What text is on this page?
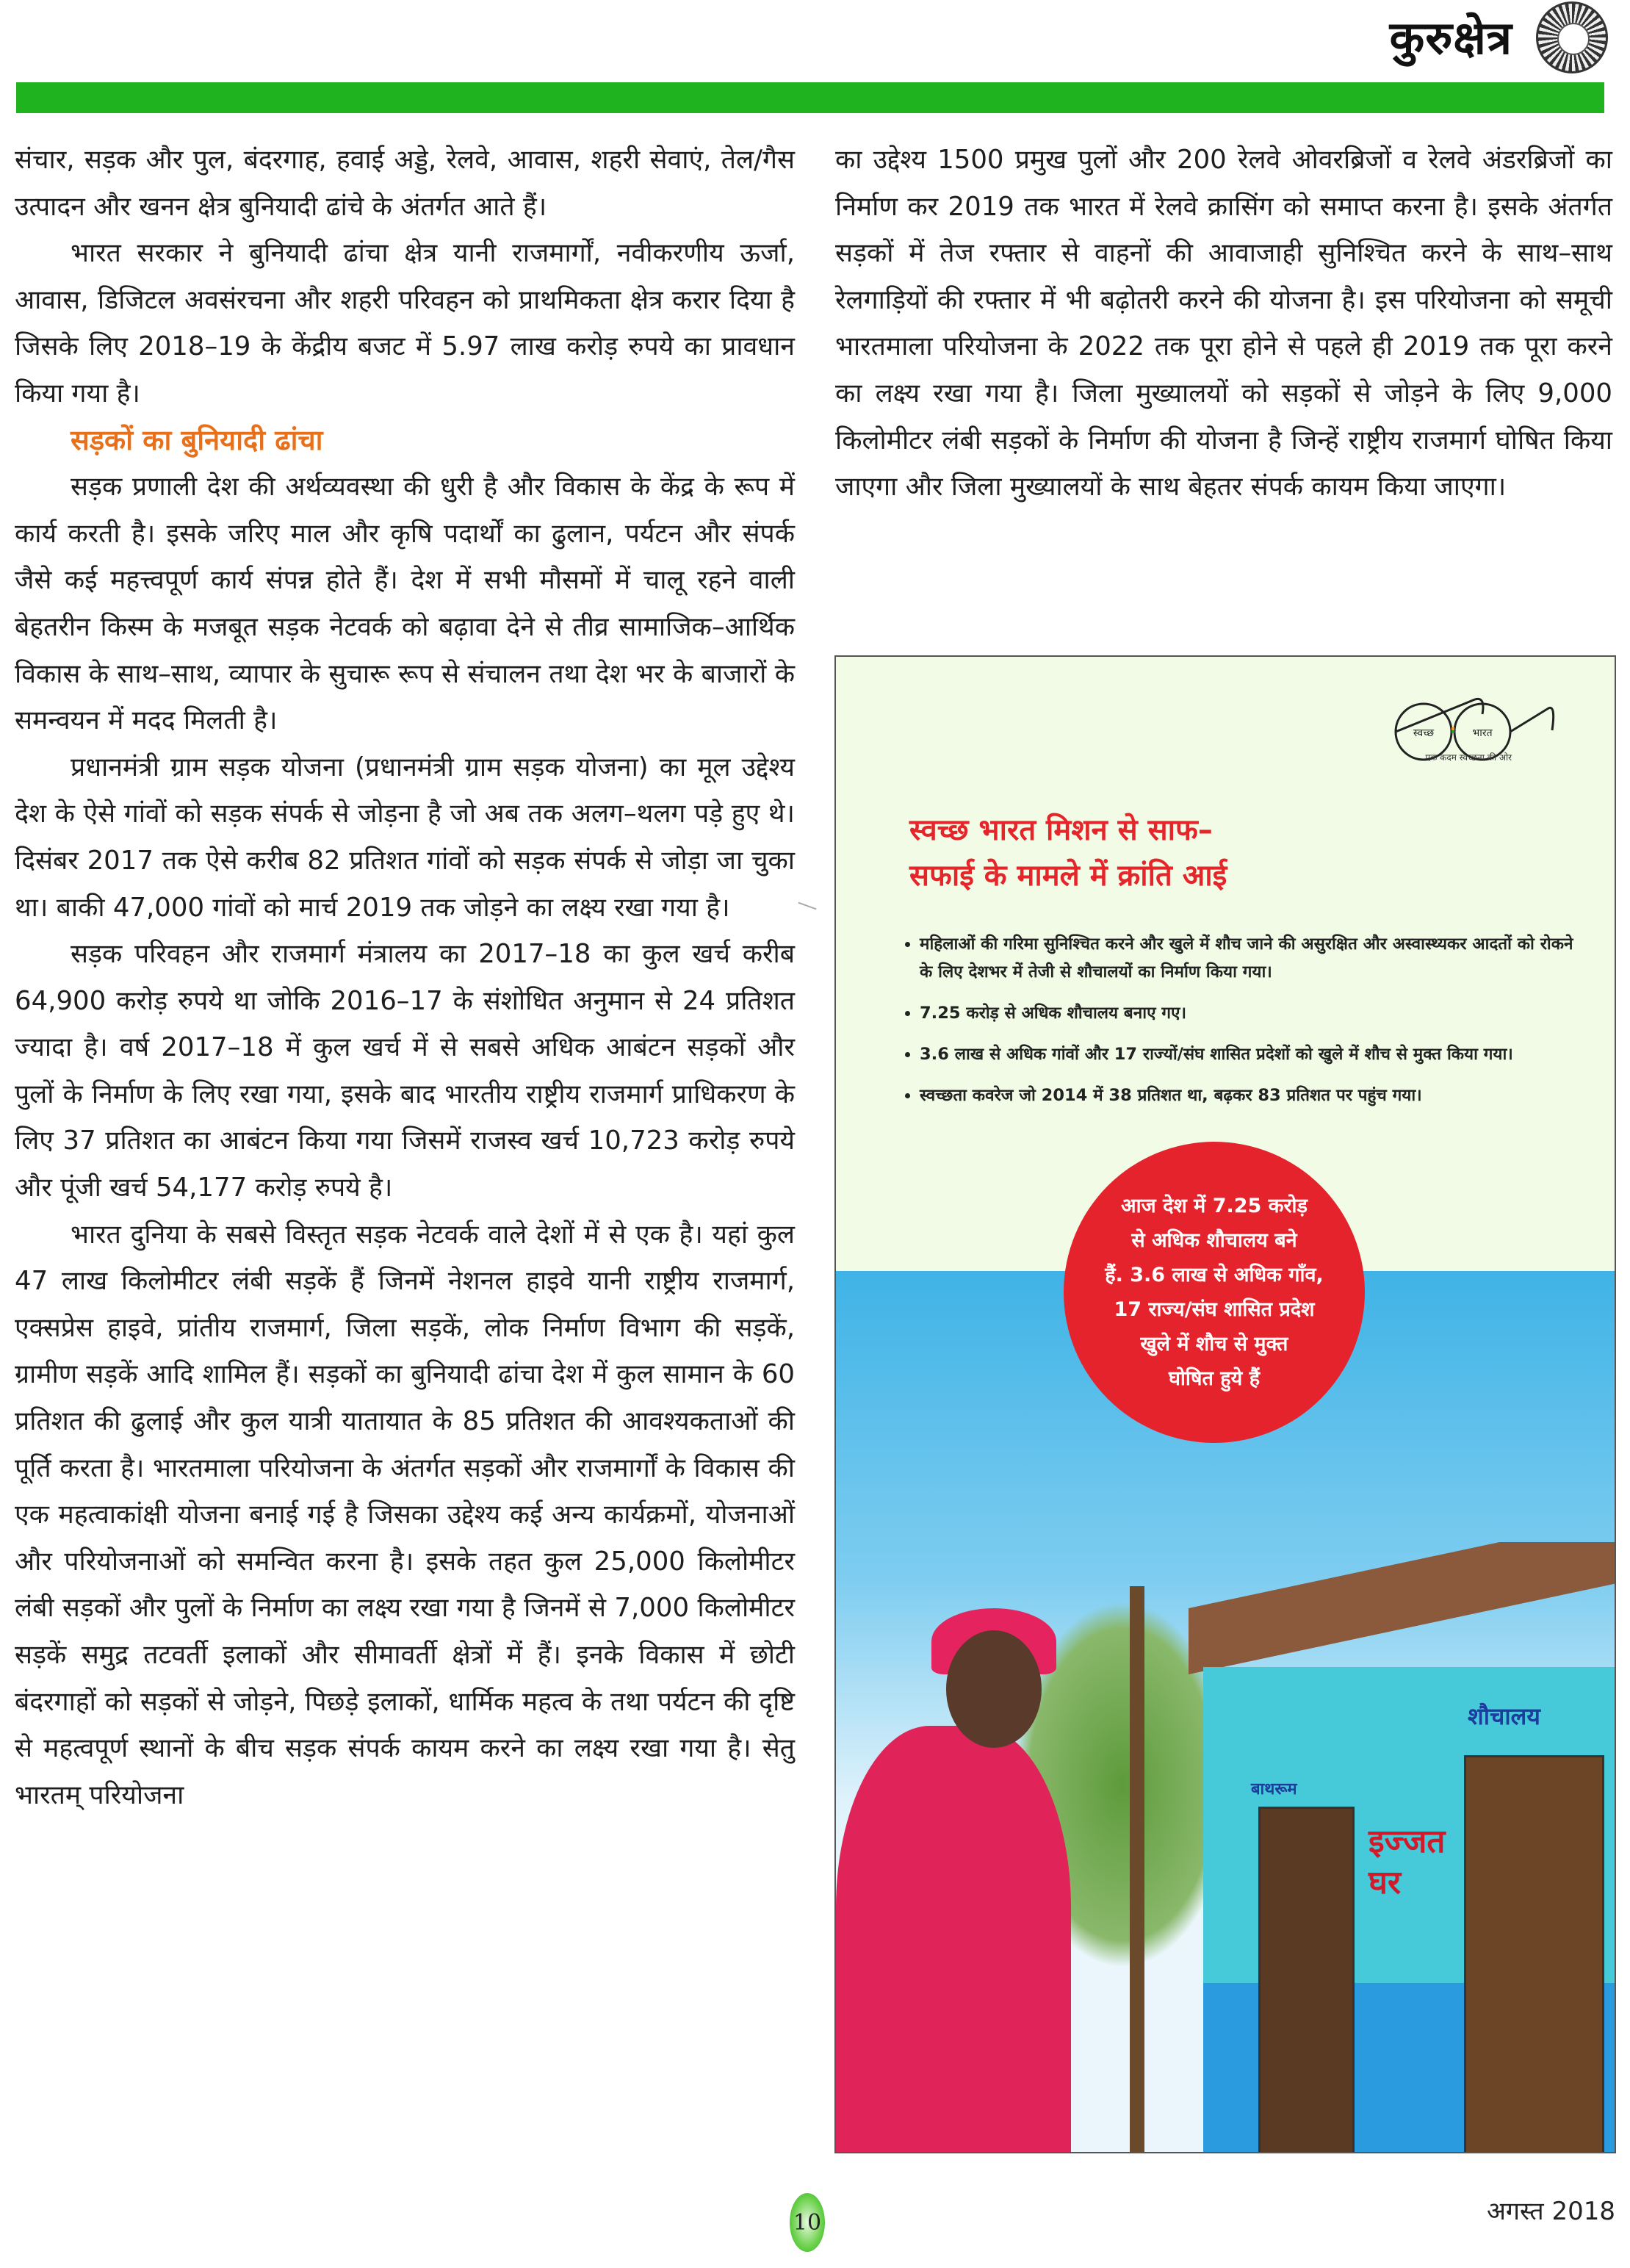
कुरुक्षेत्र

संचार, सड़क और पुल, बंदरगाह, हवाई अड्डे, रेलवे, आवास, शहरी सेवाएं, तेल/गैस उत्पादन और खनन क्षेत्र बुनियादी ढांचे के अंतर्गत आते हैं।

भारत सरकार ने बुनियादी ढांचा क्षेत्र यानी राजमार्गों, नवीकरणीय ऊर्जा, आवास, डिजिटल अवसंरचना और शहरी परिवहन को प्राथमिकता क्षेत्र करार दिया है जिसके लिए 2018–19 के केंद्रीय बजट में 5.97 लाख करोड़ रुपये का प्रावधान किया गया है।

सड़कों का बुनियादी ढांचा

सड़क प्रणाली देश की अर्थव्यवस्था की धुरी है और विकास के केंद्र के रूप में कार्य करती है। इसके जरिए माल और कृषि पदार्थों का ढुलान, पर्यटन और संपर्क जैसे कई महत्त्वपूर्ण कार्य संपन्न होते हैं। देश में सभी मौसमों में चालू रहने वाली बेहतरीन किस्म के मजबूत सड़क नेटवर्क को बढ़ावा देने से तीव्र सामाजिक–आर्थिक विकास के साथ–साथ, व्यापार के सुचारू रूप से संचालन तथा देश भर के बाजारों के समन्वयन में मदद मिलती है।

प्रधानमंत्री ग्राम सड़क योजना (प्रधानमंत्री ग्राम सड़क योजना) का मूल उद्देश्य देश के ऐसे गांवों को सड़क संपर्क से जोड़ना है जो अब तक अलग–थलग पड़े हुए थे। दिसंबर 2017 तक ऐसे करीब 82 प्रतिशत गांवों को सड़क संपर्क से जोड़ा जा चुका था। बाकी 47,000 गांवों को मार्च 2019 तक जोड़ने का लक्ष्य रखा गया है।

सड़क परिवहन और राजमार्ग मंत्रालय का 2017–18 का कुल खर्च करीब 64,900 करोड़ रुपये था जोकि 2016–17 के संशोधित अनुमान से 24 प्रतिशत ज्यादा है। वर्ष 2017–18 में कुल खर्च में से सबसे अधिक आबंटन सड़कों और पुलों के निर्माण के लिए रखा गया, इसके बाद भारतीय राष्ट्रीय राजमार्ग प्राधिकरण के लिए 37 प्रतिशत का आबंटन किया गया जिसमें राजस्व खर्च 10,723 करोड़ रुपये और पूंजी खर्च 54,177 करोड़ रुपये है।

भारत दुनिया के सबसे विस्तृत सड़क नेटवर्क वाले देशों में से एक है। यहां कुल 47 लाख किलोमीटर लंबी सड़कें हैं जिनमें नेशनल हाइवे यानी राष्ट्रीय राजमार्ग, एक्सप्रेस हाइवे, प्रांतीय राजमार्ग, जिला सड़कें, लोक निर्माण विभाग की सड़कें, ग्रामीण सड़कें आदि शामिल हैं। सड़कों का बुनियादी ढांचा देश में कुल सामान के 60 प्रतिशत की ढुलाई और कुल यात्री यातायात के 85 प्रतिशत की आवश्यकताओं की पूर्ति करता है। भारतमाला परियोजना के अंतर्गत सड़कों और राजमार्गों के विकास की एक महत्वाकांक्षी योजना बनाई गई है जिसका उद्देश्य कई अन्य कार्यक्रमों, योजनाओं और परियोजनाओं को समन्वित करना है। इसके तहत कुल 25,000 किलोमीटर लंबी सड़कों और पुलों के निर्माण का लक्ष्य रखा गया है जिनमें से 7,000 किलोमीटर सड़कें समुद्र तटवर्ती इलाकों और सीमावर्ती क्षेत्रों में हैं। इनके विकास में छोटी बंदरगाहों को सड़कों से जोड़ने, पिछड़े इलाकों, धार्मिक महत्व के तथा पर्यटन की दृष्टि से महत्वपूर्ण स्थानों के बीच सड़क संपर्क कायम करने का लक्ष्य रखा गया है। सेतु भारतम् परियोजना

का उद्देश्य 1500 प्रमुख पुलों और 200 रेलवे ओवरब्रिजों व रेलवे अंडरब्रिजों का निर्माण कर 2019 तक भारत में रेलवे क्रासिंग को समाप्त करना है। इसके अंतर्गत सड़कों में तेज रफ्तार से वाहनों की आवाजाही सुनिश्चित करने के साथ–साथ रेलगाड़ियों की रफ्तार में भी बढ़ोतरी करने की योजना है। इस परियोजना को समूची भारतमाला परियोजना के 2022 तक पूरा होने से पहले ही 2019 तक पूरा करने का लक्ष्य रखा गया है। जिला मुख्यालयों को सड़कों से जोड़ने के लिए 9,000 किलोमीटर लंबी सड़कों के निर्माण की योजना है जिन्हें राष्ट्रीय राजमार्ग घोषित किया जाएगा और जिला मुख्यालयों के साथ बेहतर संपर्क कायम किया जाएगा।

स्वच्छ	भारत
एक कदम स्वच्छता की ओर
स्वच्छ भारत मिशन से साफ–
सफाई के मामले में क्रांति आई
• महिलाओं की गरिमा सुनिश्चित करने और खुले में शौच जाने की असुरक्षित और अस्वास्थ्यकर आदतों को रोकने के लिए देशभर में तेजी से शौचालयों का निर्माण किया गया।
• 7.25 करोड़ से अधिक शौचालय बनाए गए।
• 3.6 लाख से अधिक गांवों और 17 राज्यों/संघ शासित प्रदेशों को खुले में शौच से मुक्त किया गया।
• स्वच्छता कवरेज जो 2014 में 38 प्रतिशत था, बढ़कर 83 प्रतिशत पर पहुंच गया।
बाथरूम
शौचालय
इज्जत
घर
आज देश में 7.25 करोड़
से अधिक शौचालय बने
हैं. 3.6 लाख से अधिक गाँव,
17 राज्य/संघ शासित प्रदेश
खुले में शौच से मुक्त
घोषित हुये हैं
10	अगस्त 2018
